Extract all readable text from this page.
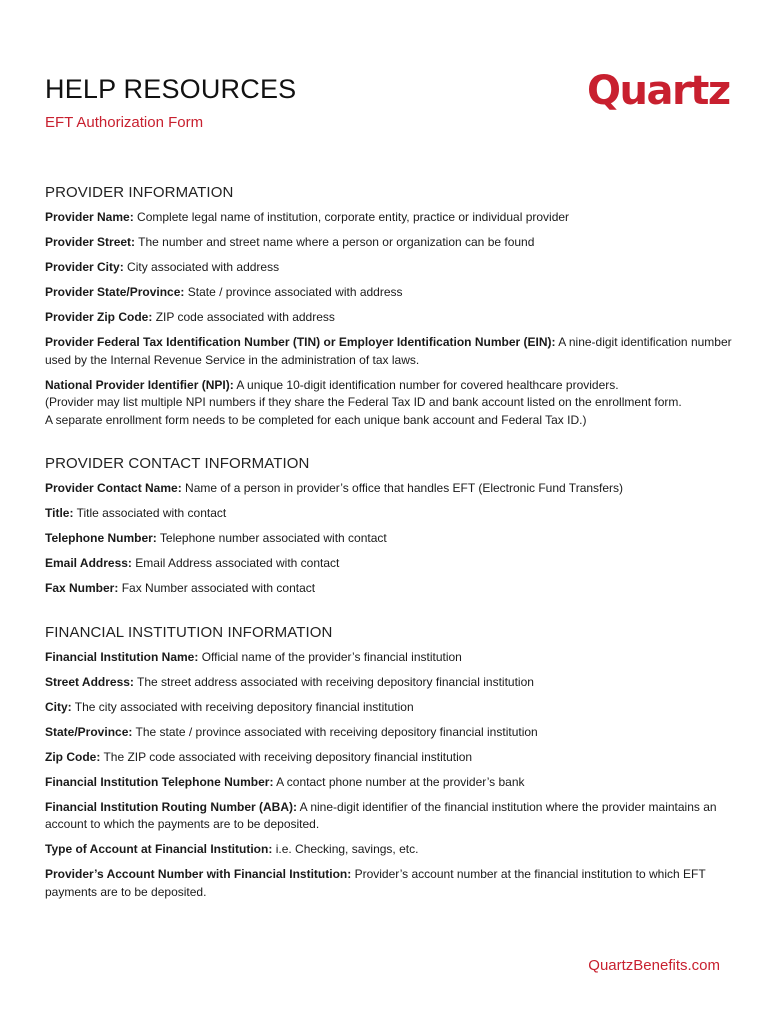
HELP RESOURCES
EFT Authorization Form
Quartz
PROVIDER INFORMATION
Provider Name: Complete legal name of institution, corporate entity, practice or individual provider
Provider Street: The number and street name where a person or organization can be found
Provider City: City associated with address
Provider State/Province: State / province associated with address
Provider Zip Code: ZIP code associated with address
Provider Federal Tax Identification Number (TIN) or Employer Identification Number (EIN): A nine-digit identification number used by the Internal Revenue Service in the administration of tax laws.
National Provider Identifier (NPI): A unique 10-digit identification number for covered healthcare providers.
(Provider may list multiple NPI numbers if they share the Federal Tax ID and bank account listed on the enrollment form.
A separate enrollment form needs to be completed for each unique bank account and Federal Tax ID.)
PROVIDER CONTACT INFORMATION
Provider Contact Name: Name of a person in provider’s office that handles EFT (Electronic Fund Transfers)
Title: Title associated with contact
Telephone Number: Telephone number associated with contact
Email Address: Email Address associated with contact
Fax Number: Fax Number associated with contact
FINANCIAL INSTITUTION INFORMATION
Financial Institution Name: Official name of the provider’s financial institution
Street Address: The street address associated with receiving depository financial institution
City: The city associated with receiving depository financial institution
State/Province: The state / province associated with receiving depository financial institution
Zip Code: The ZIP code associated with receiving depository financial institution
Financial Institution Telephone Number: A contact phone number at the provider’s bank
Financial Institution Routing Number (ABA): A nine-digit identifier of the financial institution where the provider maintains an account to which the payments are to be deposited.
Type of Account at Financial Institution: i.e. Checking, savings, etc.
Provider’s Account Number with Financial Institution: Provider’s account number at the financial institution to which EFT payments are to be deposited.
QuartzBenefits.com
